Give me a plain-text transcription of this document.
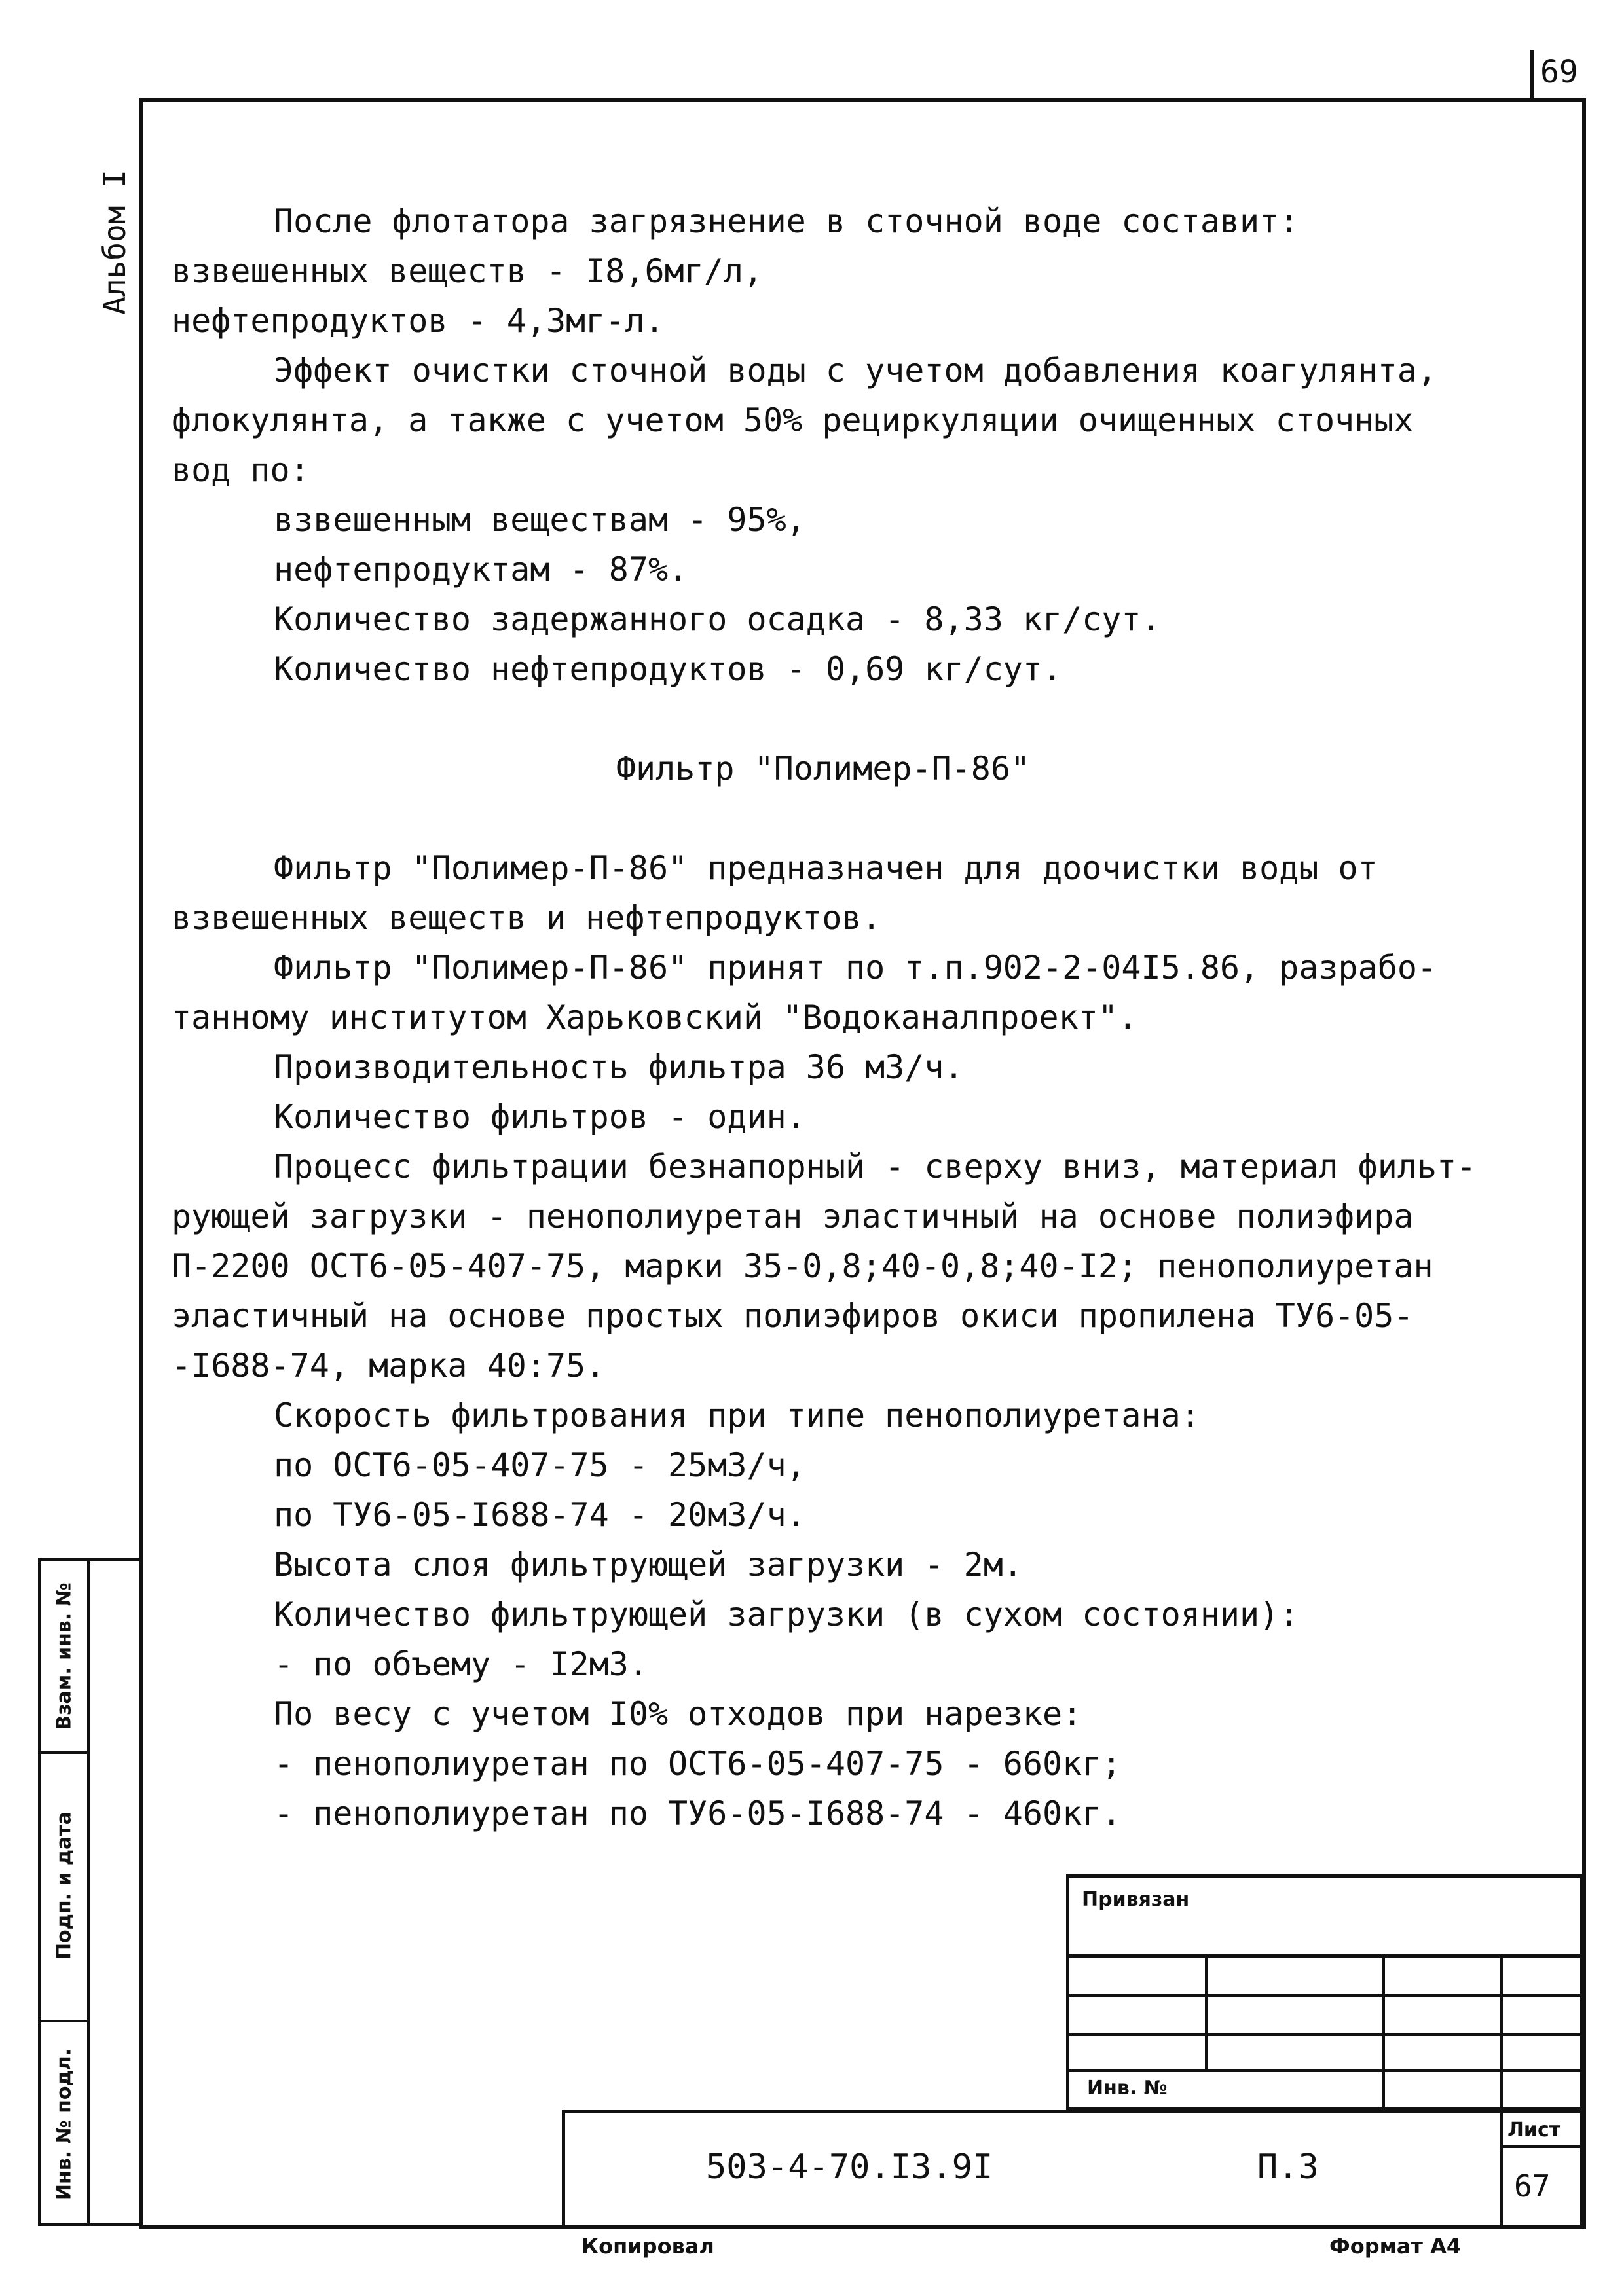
69
Альбом I	После флотатора загрязнение в сточной воде составит:
взвешенных веществ - I8,6мг/л,
нефтепродуктов - 4,3мг-л.
Эффект очистки сточной воды с учетом добавления коагулянта,
флокулянта, а также с учетом 50% рециркуляции очищенных сточных
вод по:
взвешенным веществам - 95%,
нефтепродуктам - 87%.
Количество задержанного осадка - 8,33 кг/сут.
Количество нефтепродуктов - 0,69 кг/сут.
Фильтр "Полимер-П-86"
Фильтр "Полимер-П-86" предназначен для доочистки воды от
взвешенных веществ и нефтепродуктов.
Фильтр "Полимер-П-86" принят по т.п.902-2-04I5.86, разрабо-
танному институтом Харьковский "Водоканалпроект".
Производительность фильтра 36 м3/ч.
Количество фильтров - один.
Процесс фильтрации безнапорный - сверху вниз, материал фильт-
рующей загрузки - пенополиуретан эластичный на основе полиэфира
П-2200 ОСТ6-05-407-75, марки 35-0,8;40-0,8;40-I2; пенополиуретан
эластичный на основе простых полиэфиров окиси пропилена ТУ6-05-
-I688-74, марка 40:75.
Скорость фильтрования при типе пенополиуретана:
по ОСТ6-05-407-75 - 25м3/ч,
по ТУ6-05-I688-74 - 20м3/ч.
Высота слоя фильтрующей загрузки - 2м.
Количество фильтрующей загрузки (в сухом состоянии):
- по объему - I2м3.
По весу с учетом I0% отходов при нарезке:
- пенополиуретан по ОСТ6-05-407-75 - 660кг;
- пенополиуретан по ТУ6-05-I688-74 - 460кг.
Взам. инв. №
Подп. и дата
Инв. № подл.
Привязан
Инв. №
503-4-70.I3.9I	П.3
Лист
67
Копировал	Формат А4
